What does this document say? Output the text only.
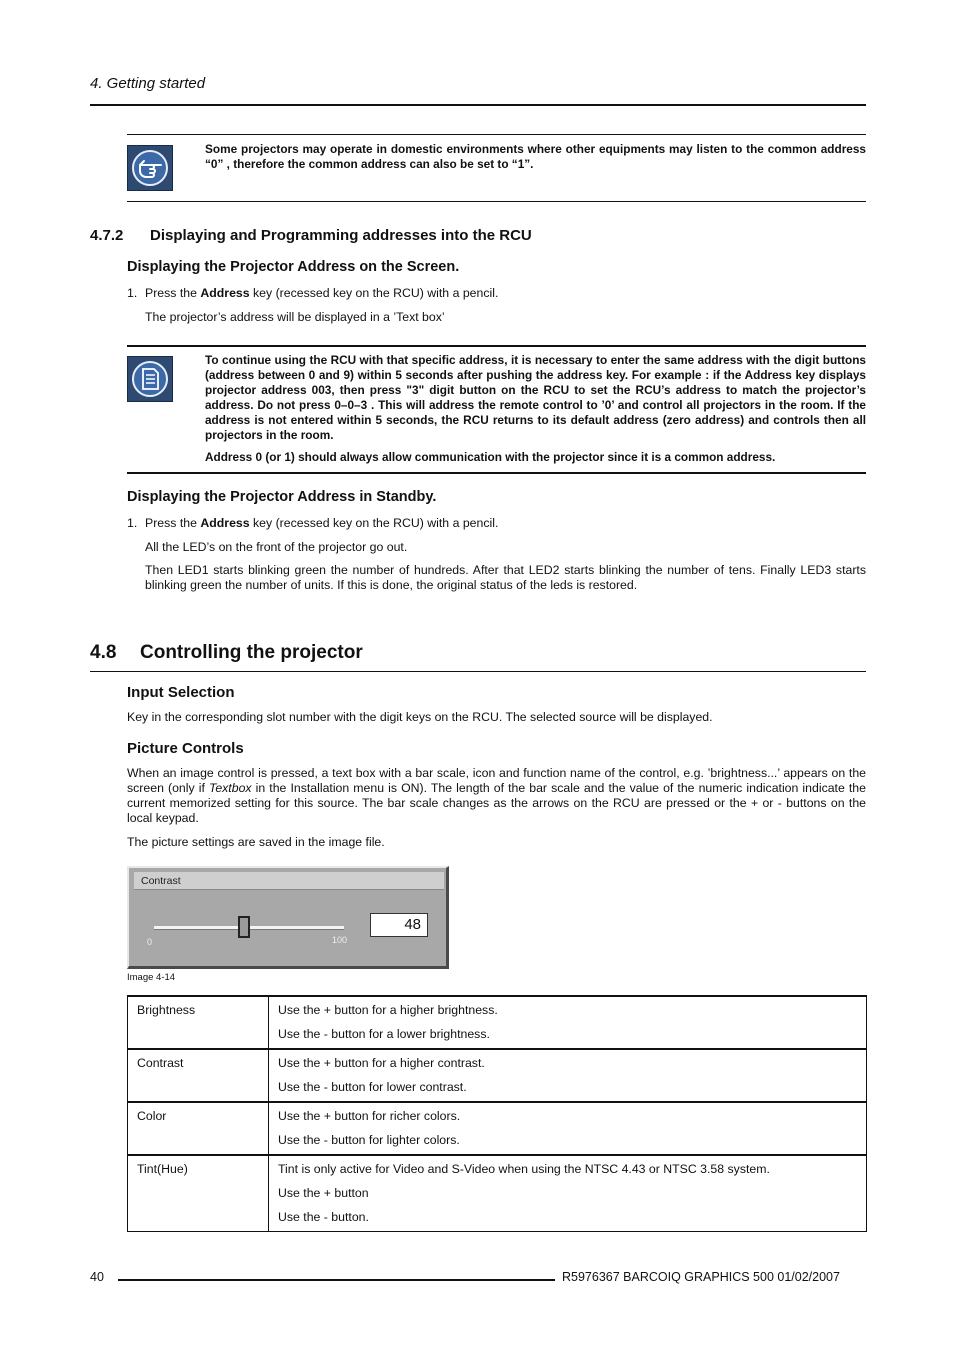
4. Getting started
Some projectors may operate in domestic environments where other equipments may listen to the common address “0” , therefore the common address can also be set to “1”.
4.7.2 Displaying and Programming addresses into the RCU
Displaying the Projector Address on the Screen.
1. Press the Address key (recessed key on the RCU) with a pencil.
The projector’s address will be displayed in a ’Text box’
To continue using the RCU with that specific address, it is necessary to enter the same address with the digit buttons (address between 0 and 9) within 5 seconds after pushing the address key. For example : if the Address key displays projector address 003, then press "3" digit button on the RCU to set the RCU’s address to match the projector’s address. Do not press 0–0–3 . This will address the remote control to ’0’ and control all projectors in the room. If the address is not entered within 5 seconds, the RCU returns to its default address (zero address) and controls then all projectors in the room.
Address 0 (or 1) should always allow communication with the projector since it is a common address.
Displaying the Projector Address in Standby.
1. Press the Address key (recessed key on the RCU) with a pencil.
All the LED’s on the front of the projector go out.
Then LED1 starts blinking green the number of hundreds. After that LED2 starts blinking the number of tens. Finally LED3 starts blinking green the number of units. If this is done, the original status of the leds is restored.
4.8 Controlling the projector
Input Selection
Key in the corresponding slot number with the digit keys on the RCU. The selected source will be displayed.
Picture Controls
When an image control is pressed, a text box with a bar scale, icon and function name of the control, e.g. ’brightness...’ appears on the screen (only if Textbox in the Installation menu is ON). The length of the bar scale and the value of the numeric indication indicate the current memorized setting for this source. The bar scale changes as the arrows on the RCU are pressed or the + or - buttons on the local keypad.
The picture settings are saved in the image file.
Contrast
0	100
48
Image 4-14
Brightness	Use the + button for a higher brightness.
Use the - button for a lower brightness.

Contrast	Use the + button for a higher contrast.
Use the - button for lower contrast.

Color	Use the + button for richer colors.
Use the - button for lighter colors.

Tint(Hue)	Tint is only active for Video and S-Video when using the NTSC 4.43 or NTSC 3.58 system.
Use the + button
Use the - button.
40	R5976367 BARCOIQ GRAPHICS 500 01/02/2007
